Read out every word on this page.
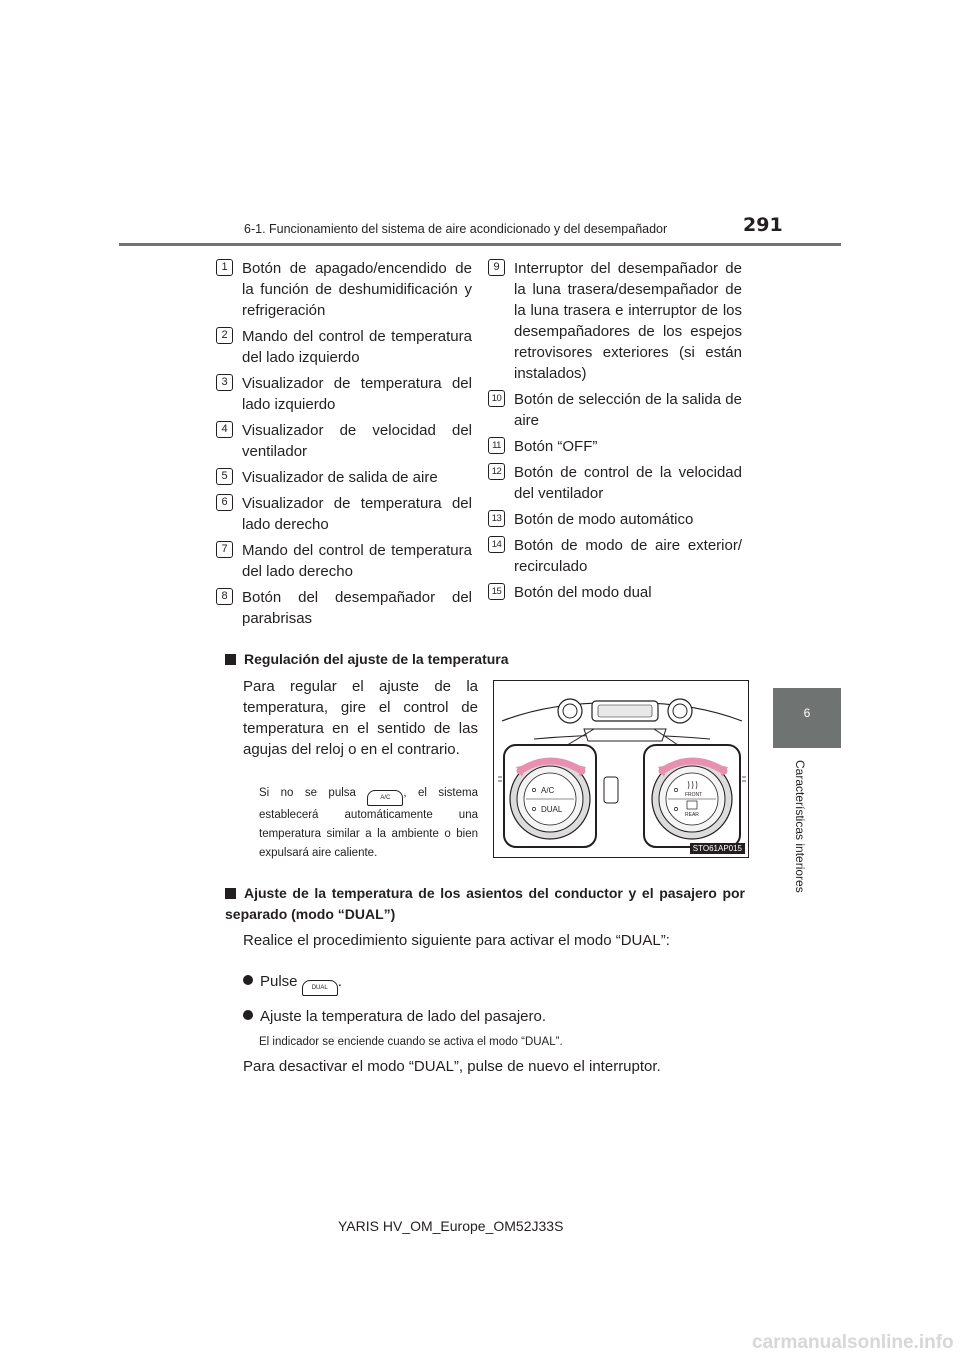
6-1. Funcionamiento del sistema de aire acondicionado y del desempañador	291
6
Características interiores
1 Botón de apagado/encendido de la función de deshumidificación y refrigeración
2 Mando del control de temperatura del lado izquierdo
3 Visualizador de temperatura del lado izquierdo
4 Visualizador de velocidad del ventilador
5 Visualizador de salida de aire
6 Visualizador de temperatura del lado derecho
7 Mando del control de temperatura del lado derecho
8 Botón del desempañador del parabrisas
9 Interruptor del desempañador de la luna trasera/desempañador de la luna trasera e interruptor de los desempañadores de los espejos retrovisores exteriores (si están instalados)
10 Botón de selección de la salida de aire
11 Botón “OFF”
12 Botón de control de la velocidad del ventilador
13 Botón de modo automático
14 Botón de modo de aire exterior/ recirculado
15 Botón del modo dual
Regulación del ajuste de la temperatura
Para regular el ajuste de la temperatura, gire el control de temperatura en el sentido de las agujas del reloj o en el contrario.
Si no se pulsa	A/C , el sistema establecerá automáticamente una temperatura similar a la ambiente o bien expulsará aire caliente.
A/C
DUAL
FRONT
REAR
STO61AP015
Ajuste de la temperatura de los asientos del conductor y el pasajero por separado (modo “DUAL”)
Realice el procedimiento siguiente para activar el modo “DUAL”:
Pulse DUAL .
Ajuste la temperatura de lado del pasajero.
El indicador se enciende cuando se activa el modo “DUAL”.
Para desactivar el modo “DUAL”, pulse de nuevo el interruptor.
YARIS HV_OM_Europe_OM52J33S
carmanualsonline.info
